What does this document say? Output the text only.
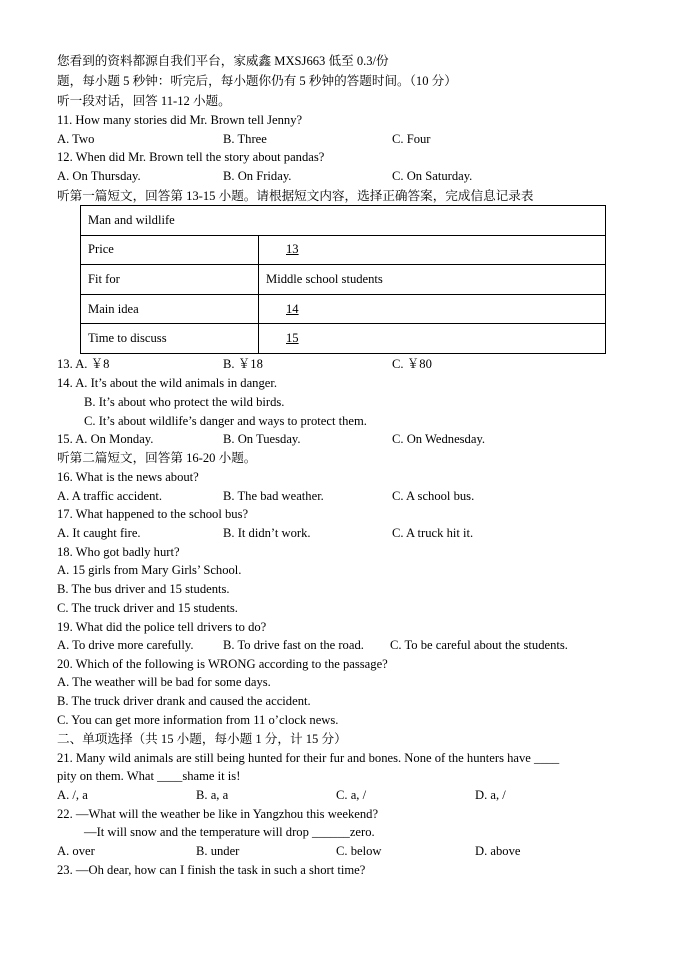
您看到的资料都源自我们平台，家威鑫 MXSJ663 低至 0.3/份
题，每小题 5 秒钟：听完后，每小题你仍有 5 秒钟的答题时间。（10 分）
听一段对话，回答 11-12 小题。
11. How many stories did Mr. Brown tell Jenny?
A. Two	B. Three	C. Four
12. When did Mr. Brown tell the story about pandas?
A. On Thursday.	B. On Friday.	C. On Saturday.
听第一篇短文，回答第 13-15 小题。请根据短文内容，选择正确答案，完成信息记录表
Man and wildlife	
Price	13
Fit for	Middle school students
Main idea	14
Time to discuss	15
13. A. ￥8	B. ￥18	C. ￥80
14. A. It’s about the wild animals in danger.
B. It’s about who protect the wild birds.
C. It’s about wildlife’s danger and ways to protect them.
15. A. On Monday.	B. On Tuesday.	C. On Wednesday.
听第二篇短文，回答第 16-20 小题。
16. What is the news about?
A. A traffic accident.	B. The bad weather.	C. A school bus.
17. What happened to the school bus?
A. It caught fire.	B. It didn’t work.	C. A truck hit it.
18. Who got badly hurt?
A. 15 girls from Mary Girls’ School.
B. The bus driver and 15 students.
C. The truck driver and 15 students.
19. What did the police tell drivers to do?
A. To drive more carefully. B. To drive fast on the road. C. To be careful about the students.
20. Which of the following is WRONG according to the passage?
A. The weather will be bad for some days.
B. The truck driver drank and caused the accident.
C. You can get more information from 11 o’clock news.
二、单项选择（共 15 小题，每小题 1 分，计 15 分）
21. Many wild animals are still being hunted for their fur and bones. None of the hunters have ____
pity on them. What ____shame it is!
A. /, a	B. a, a	C. a, /	D. a, /
22. —What will the weather be like in Yangzhou this weekend?
—It will snow and the temperature will drop ______zero.
A. over	B. under	C. below	D. above
23. —Oh dear, how can I finish the task in such a short time?
